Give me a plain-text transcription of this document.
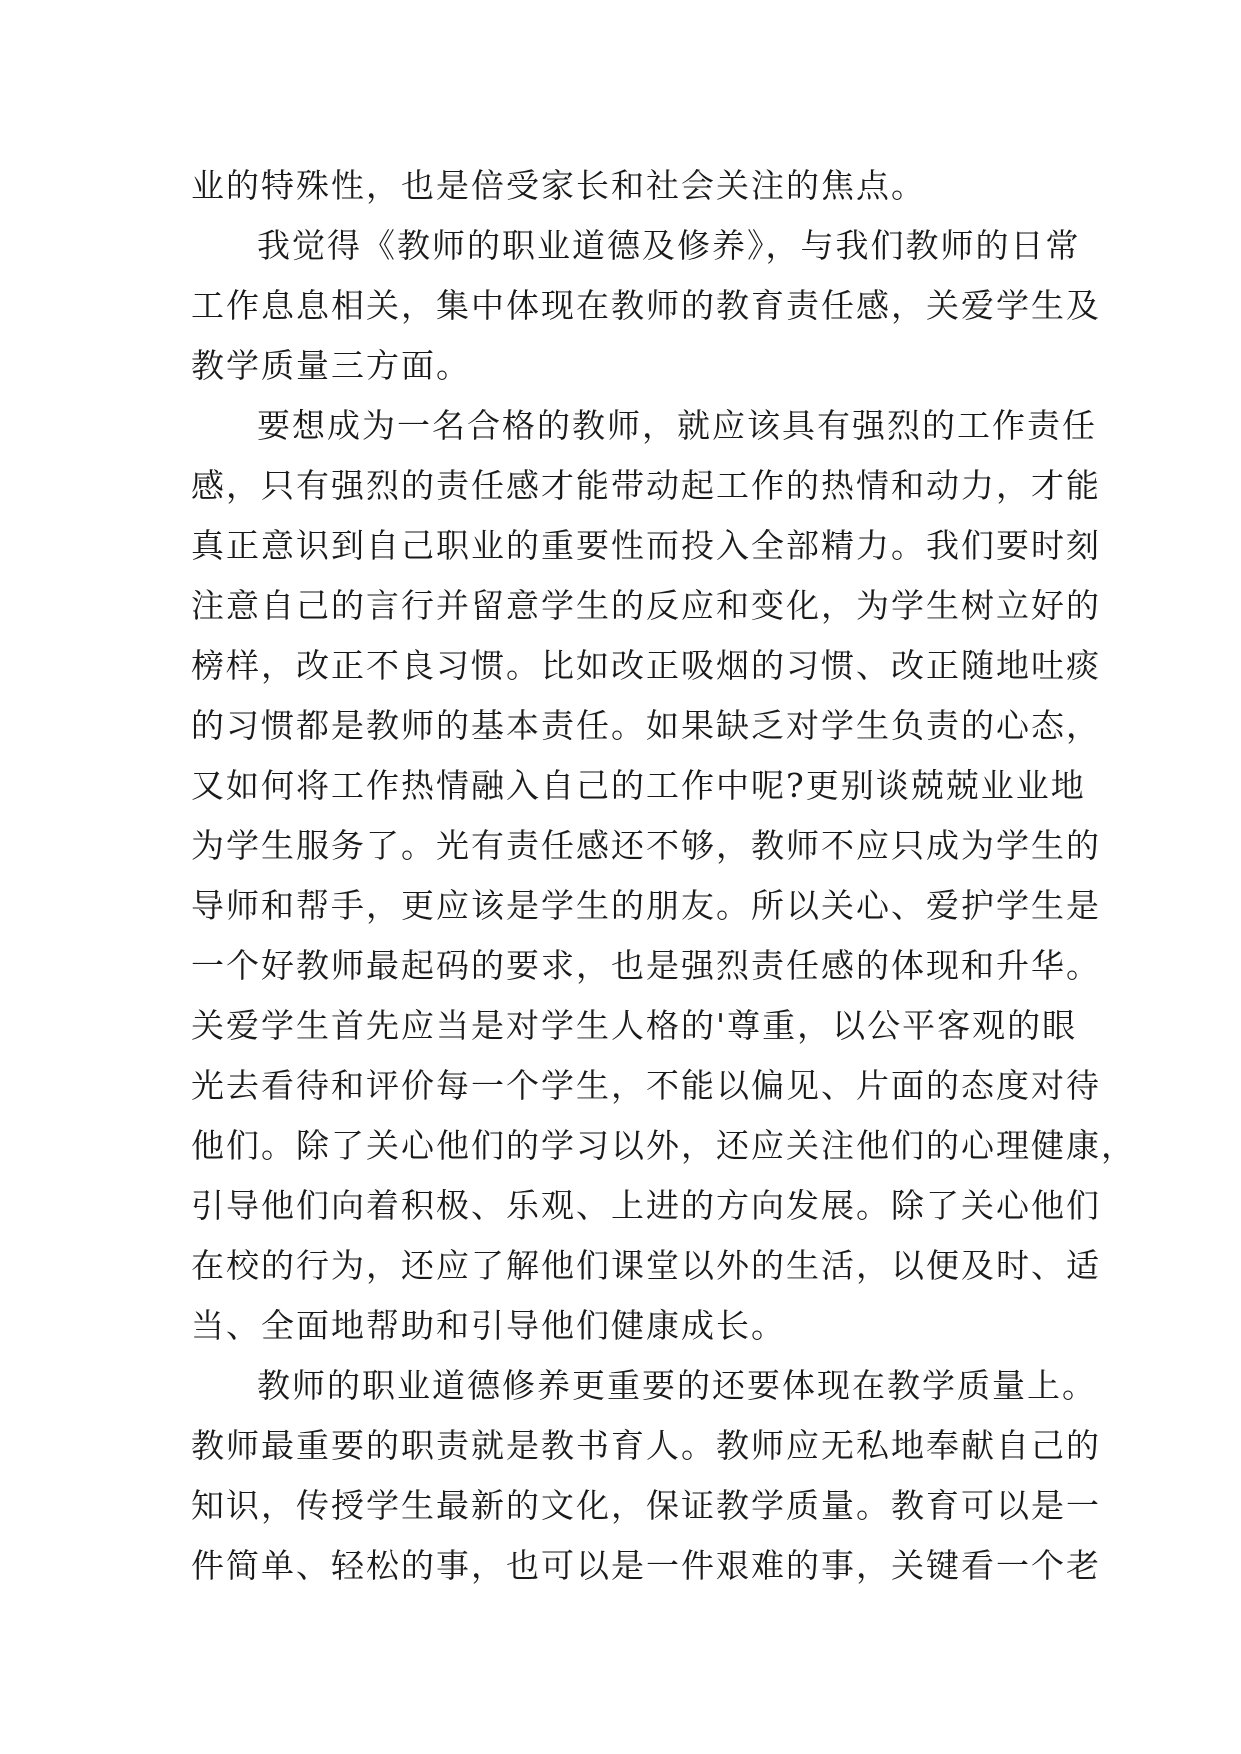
业的特殊性，也是倍受家长和社会关注的焦点。
我觉得《教师的职业道德及修养》，与我们教师的日常
工作息息相关，集中体现在教师的教育责任感，关爱学生及
教学质量三方面。
要想成为一名合格的教师，就应该具有强烈的工作责任
感，只有强烈的责任感才能带动起工作的热情和动力，才能
真正意识到自己职业的重要性而投入全部精力。我们要时刻
注意自己的言行并留意学生的反应和变化，为学生树立好的
榜样，改正不良习惯。比如改正吸烟的习惯、改正随地吐痰
的习惯都是教师的基本责任。如果缺乏对学生负责的心态，
又如何将工作热情融入自己的工作中呢?更别谈兢兢业业地
为学生服务了。光有责任感还不够，教师不应只成为学生的
导师和帮手，更应该是学生的朋友。所以关心、爱护学生是
一个好教师最起码的要求，也是强烈责任感的体现和升华。
关爱学生首先应当是对学生人格的'尊重，以公平客观的眼
光去看待和评价每一个学生，不能以偏见、片面的态度对待
他们。除了关心他们的学习以外，还应关注他们的心理健康，
引导他们向着积极、乐观、上进的方向发展。除了关心他们
在校的行为，还应了解他们课堂以外的生活，以便及时、适
当、全面地帮助和引导他们健康成长。
教师的职业道德修养更重要的还要体现在教学质量上。
教师最重要的职责就是教书育人。教师应无私地奉献自己的
知识，传授学生最新的文化，保证教学质量。教育可以是一
件简单、轻松的事，也可以是一件艰难的事，关键看一个老
